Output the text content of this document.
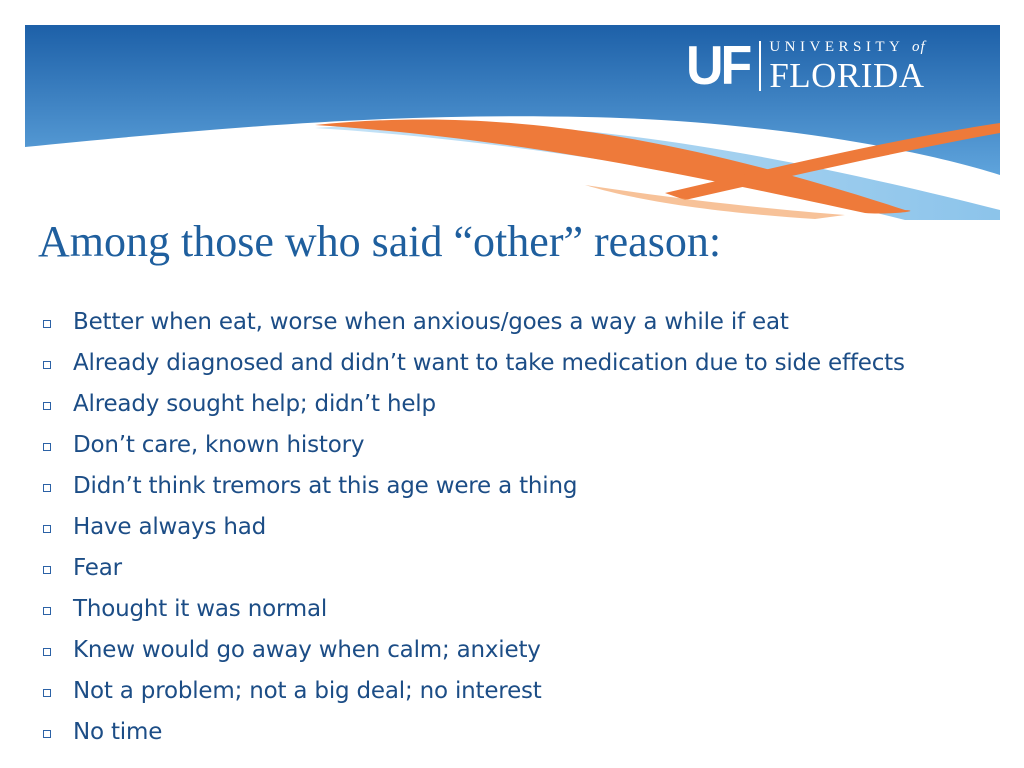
UF UNIVERSITY of
FLORIDA
Among those who said “other” reason:
Better when eat, worse when anxious/goes a way a while if eat
Already diagnosed and didn’t want to take medication due to side effects
Already sought help; didn’t help
Don’t care, known history
Didn’t think tremors at this age were a thing
Have always had
Fear
Thought it was normal
Knew would go away when calm; anxiety
Not a problem; not a big deal; no interest
No time
